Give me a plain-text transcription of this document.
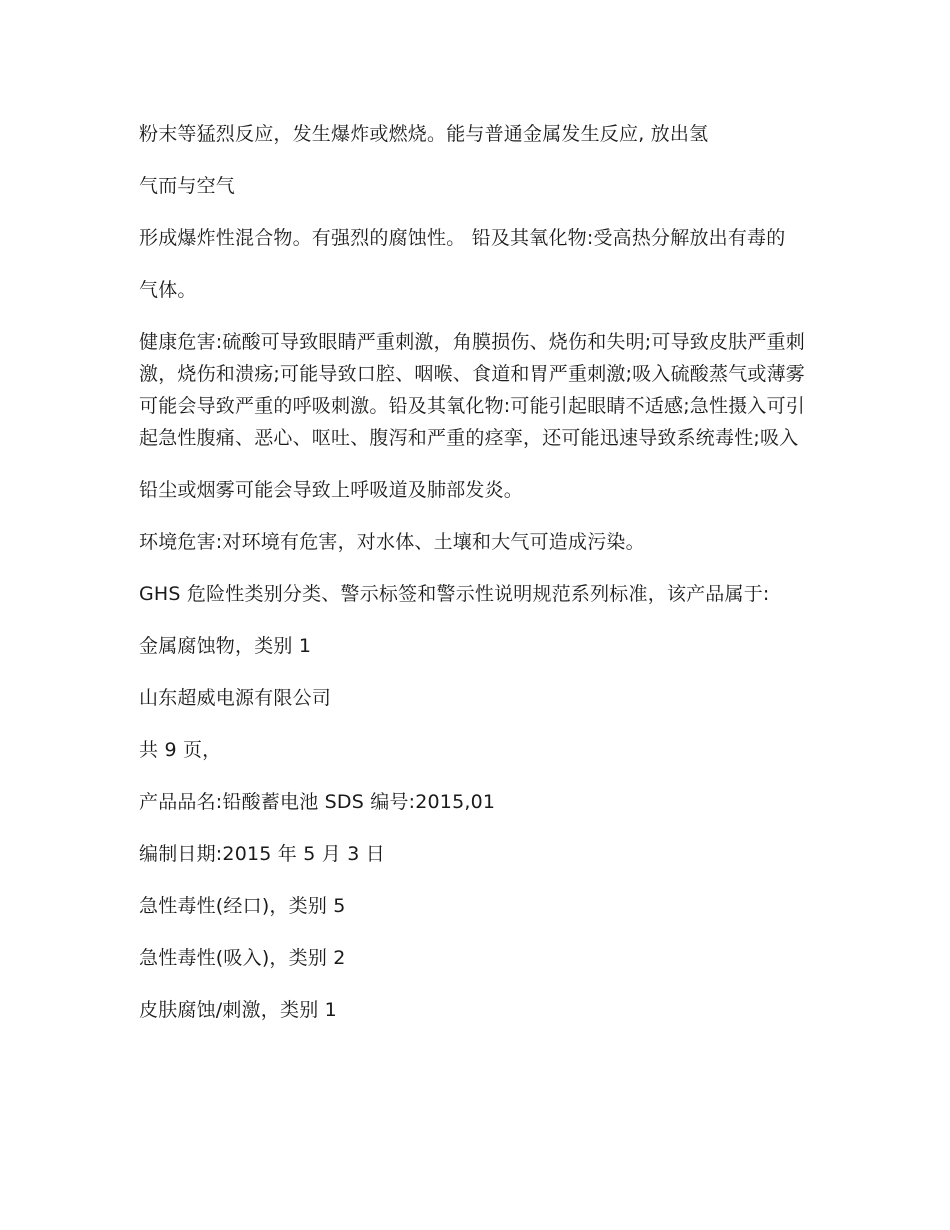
粉末等猛烈反应，发生爆炸或燃烧。能与普通金属发生反应, 放出氢

气而与空气

形成爆炸性混合物。有强烈的腐蚀性。 铅及其氧化物:受高热分解放出有毒的

气体。

健康危害:硫酸可导致眼睛严重刺激，角膜损伤、烧伤和失明;可导致皮肤严重刺激，烧伤和溃疡;可能导致口腔、咽喉、食道和胃严重刺激;吸入硫酸蒸气或薄雾可能会导致严重的呼吸刺激。铅及其氧化物:可能引起眼睛不适感;急性摄入可引起急性腹痛、恶心、呕吐、腹泻和严重的痉挛，还可能迅速导致系统毒性;吸入

铅尘或烟雾可能会导致上呼吸道及肺部发炎。

环境危害:对环境有危害，对水体、土壤和大气可造成污染。

GHS 危险性类别分类、警示标签和警示性说明规范系列标准，该产品属于:

金属腐蚀物，类别 1

山东超威电源有限公司

共 9 页，

产品品名:铅酸蓄电池 SDS 编号:2015,01

编制日期:2015 年 5 月 3 日

急性毒性(经口)，类别 5

急性毒性(吸入)，类别 2

皮肤腐蚀/刺激，类别 1
